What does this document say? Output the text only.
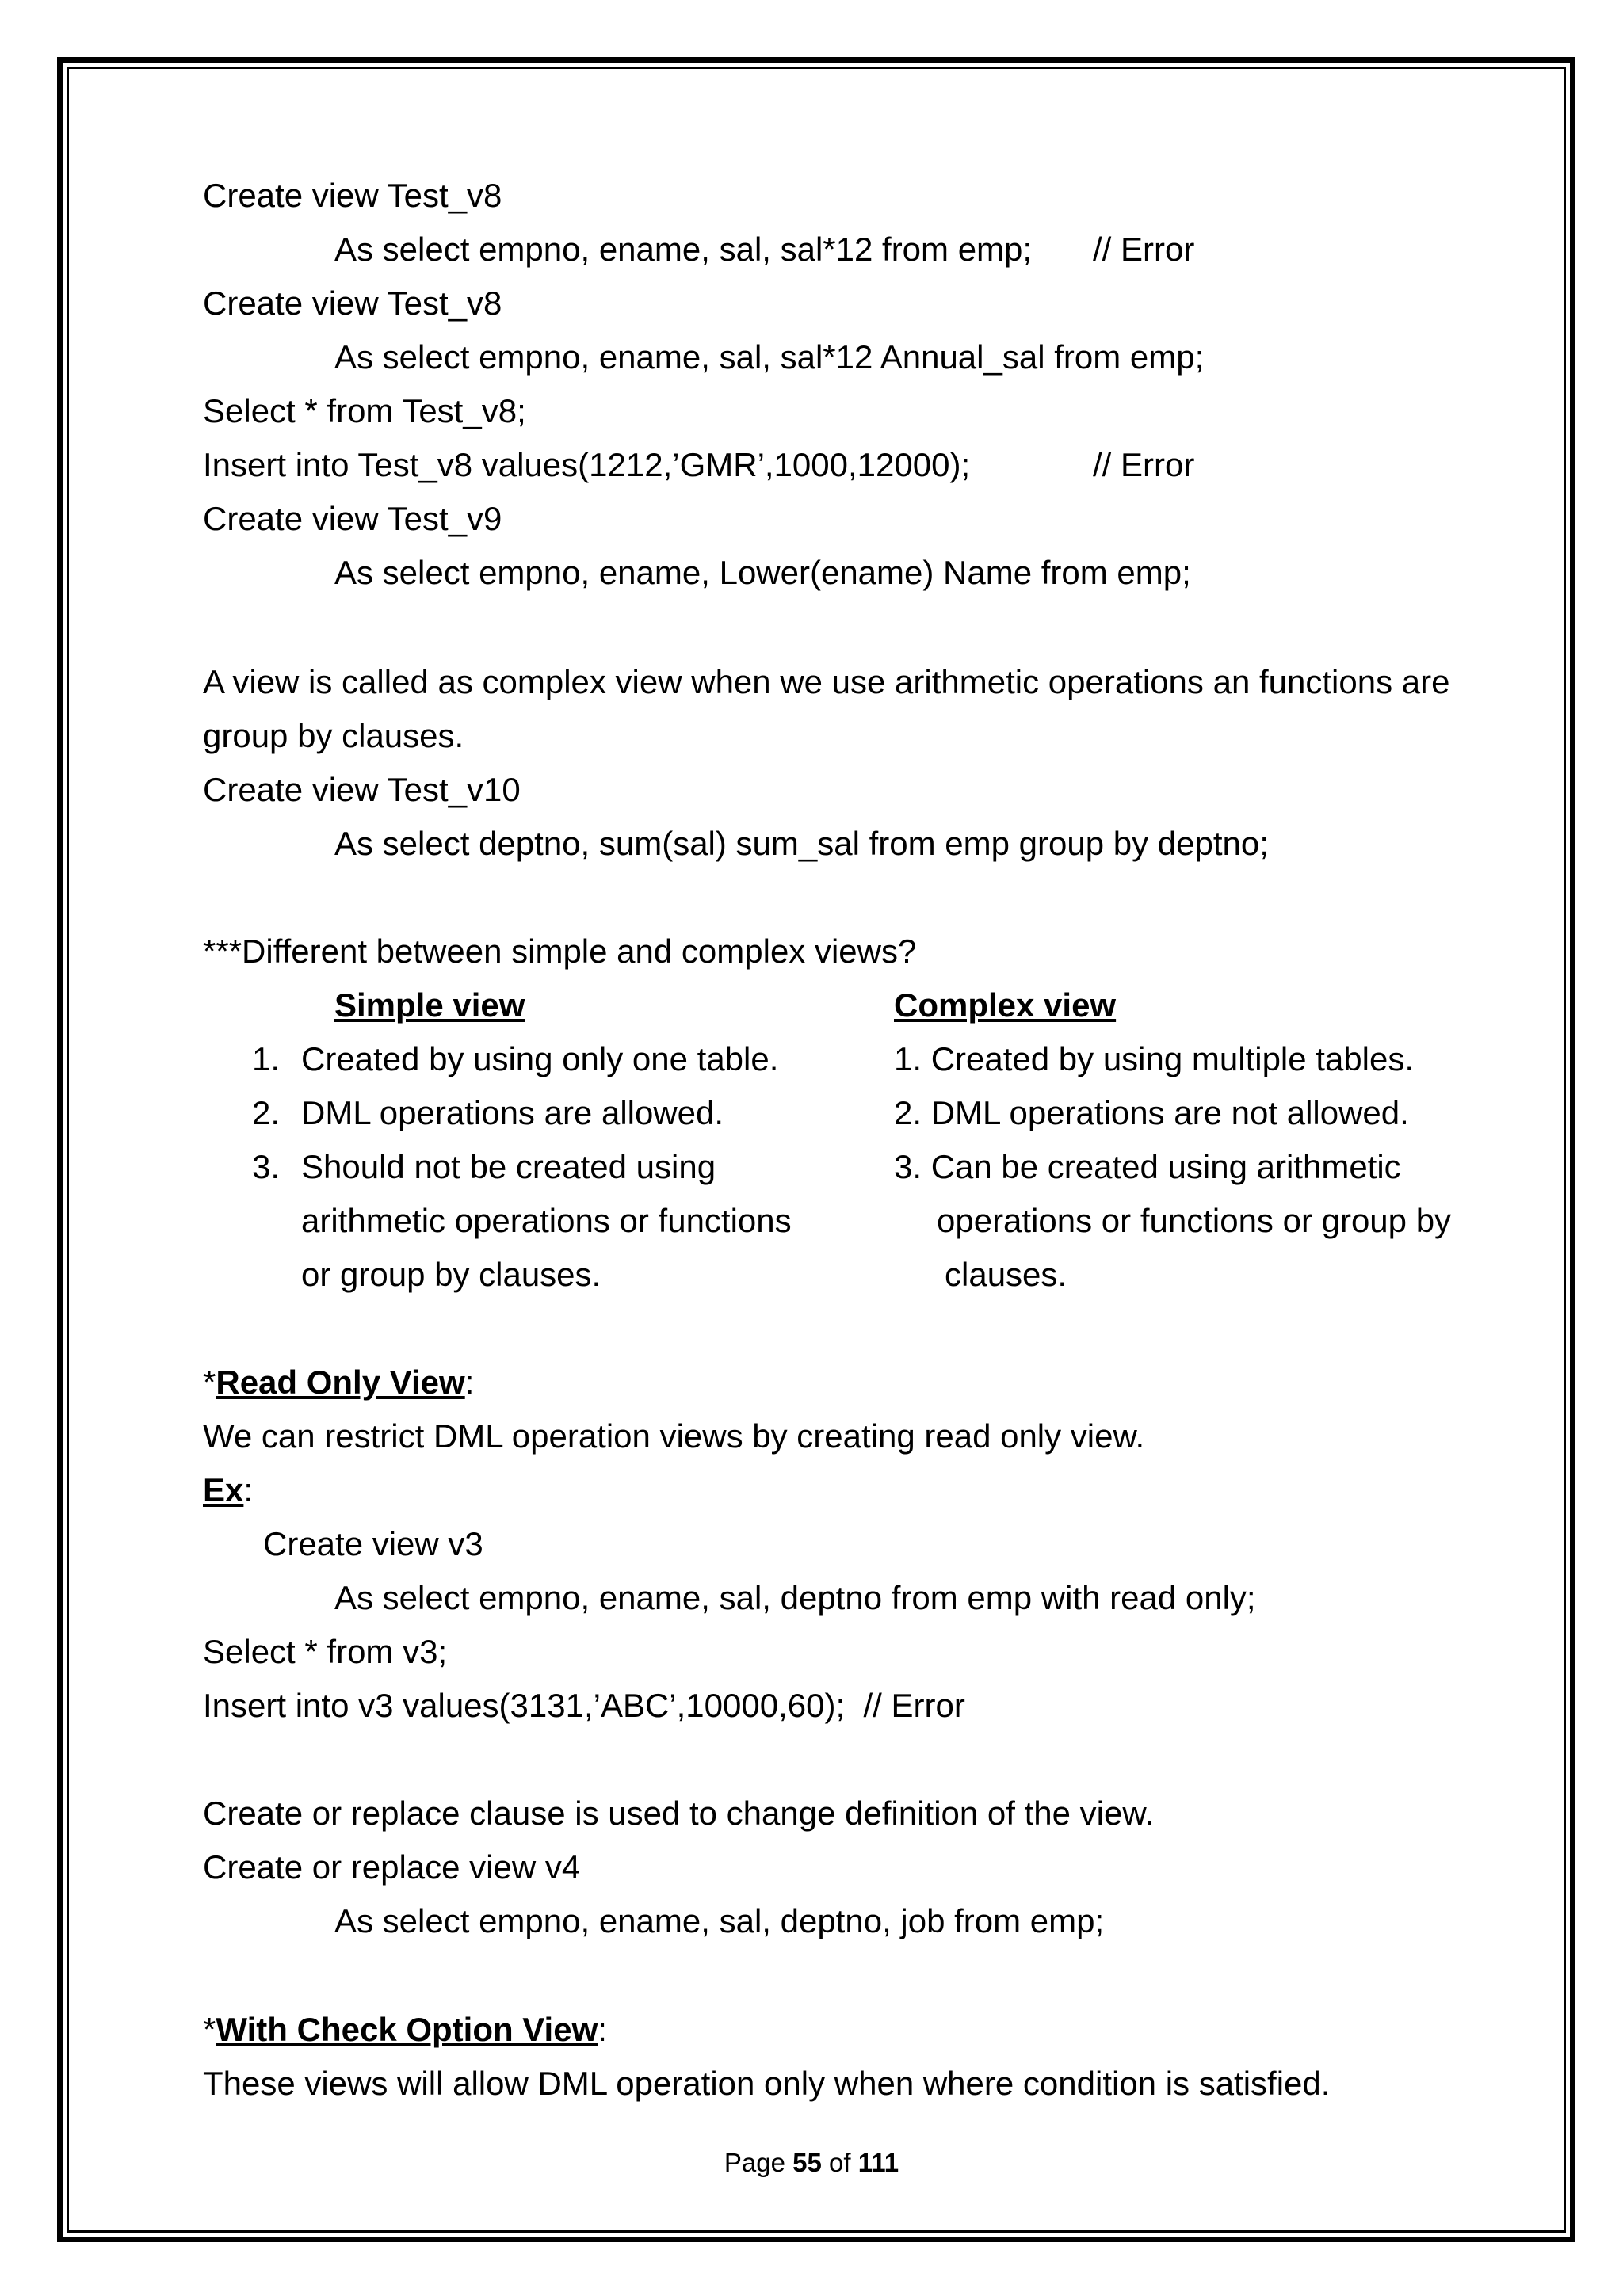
Create view Test_v8

As select empno, ename, sal, sal*12 from emp; // Error

Create view Test_v8

As select empno, ename, sal, sal*12 Annual_sal from emp;

Select * from Test_v8;

Insert into Test_v8 values(1212,’GMR’,1000,12000);	// Error

Create view Test_v9

As select empno, ename, Lower(ename) Name from emp;

A view is called as complex view when we use arithmetic operations an functions are

group by clauses.

Create view Test_v10

As select deptno, sum(sal) sum_sal from emp group by deptno;

***Different between simple and complex views?

Simple view	Complex view

1. Created by using only one table.	1. Created by using multiple tables.

2. DML operations are allowed.	2. DML operations are not allowed.

3. Should not be created using	3. Can be created using arithmetic

arithmetic operations or functions	operations or functions or group by

or group by clauses.	clauses.

*Read Only View:

We can restrict DML operation views by creating read only view.

Ex:

Create view v3

As select empno, ename, sal, deptno from emp with read only;

Select * from v3;

Insert into v3 values(3131,’ABC’,10000,60);  // Error

Create or replace clause is used to change definition of the view.

Create or replace view v4

As select empno, ename, sal, deptno, job from emp;

*With Check Option View:

These views will allow DML operation only when where condition is satisfied.

Page 55 of 111
